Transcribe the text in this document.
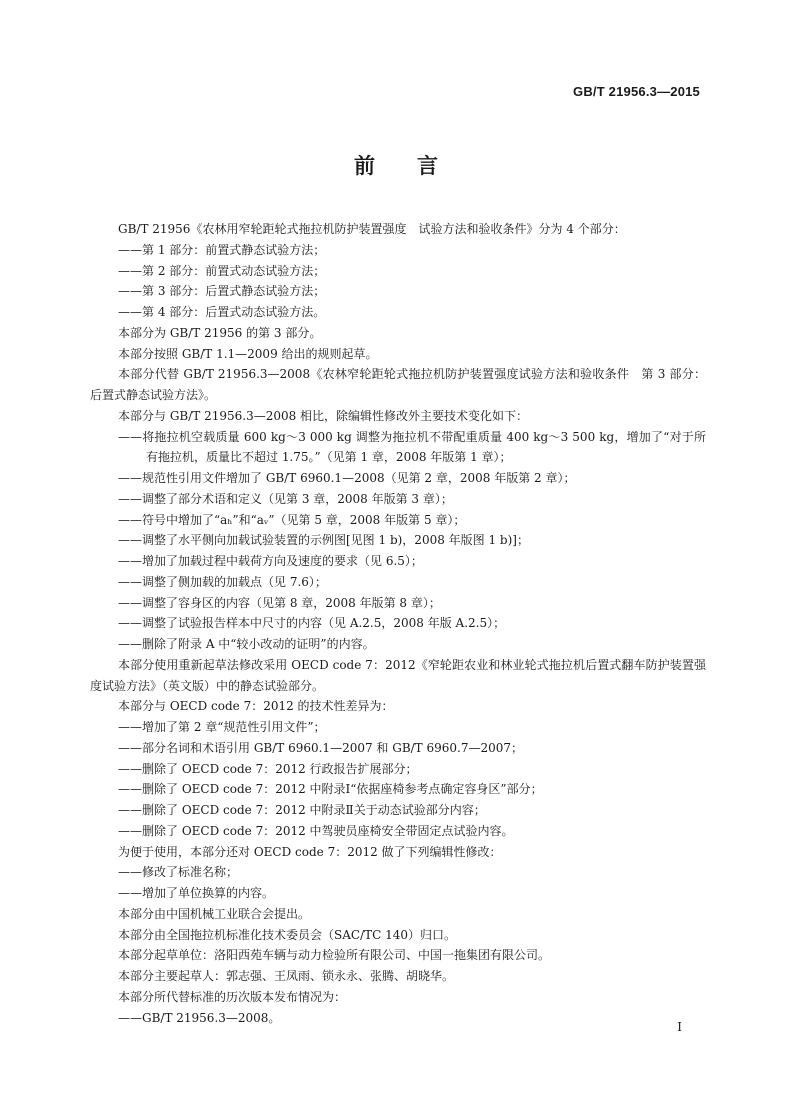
GB/T 21956.3—2015
前言

GB/T 21956《农林用窄轮距轮式拖拉机防护装置强度　试验方法和验收条件》分为 4 个部分：

——第 1 部分：前置式静态试验方法；

——第 2 部分：前置式动态试验方法；

——第 3 部分：后置式静态试验方法；

——第 4 部分：后置式动态试验方法。

本部分为 GB/T 21956 的第 3 部分。

本部分按照 GB/T 1.1—2009 给出的规则起草。

本部分代替 GB/T 21956.3—2008《农林窄轮距轮式拖拉机防护装置强度试验方法和验收条件　第 3 部分：后置式静态试验方法》。

本部分与 GB/T 21956.3—2008 相比，除编辑性修改外主要技术变化如下：

——将拖拉机空载质量 600 kg～3 000 kg 调整为拖拉机不带配重质量 400 kg～3 500 kg，增加了“对于所有拖拉机，质量比不超过 1.75。”（见第 1 章，2008 年版第 1 章）；

——规范性引用文件增加了 GB/T 6960.1—2008（见第 2 章，2008 年版第 2 章）；

——调整了部分术语和定义（见第 3 章，2008 年版第 3 章）；

——符号中增加了“aₕ”和“aᵥ”（见第 5 章，2008 年版第 5 章）；

——调整了水平侧向加载试验装置的示例图[见图 1 b)，2008 年版图 1 b)]；

——增加了加载过程中载荷方向及速度的要求（见 6.5）；

——调整了侧加载的加载点（见 7.6）；

——调整了容身区的内容（见第 8 章，2008 年版第 8 章）；

——调整了试验报告样本中尺寸的内容（见 A.2.5，2008 年版 A.2.5）；

——删除了附录 A 中“较小改动的证明”的内容。

本部分使用重新起草法修改采用 OECD code 7：2012《窄轮距农业和林业轮式拖拉机后置式翻车防护装置强度试验方法》（英文版）中的静态试验部分。

本部分与 OECD code 7：2012 的技术性差异为：

——增加了第 2 章“规范性引用文件”；

——部分名词和术语引用 GB/T 6960.1—2007 和 GB/T 6960.7—2007；

——删除了 OECD code 7：2012 行政报告扩展部分；

——删除了 OECD code 7：2012 中附录Ⅰ“依据座椅参考点确定容身区”部分；

——删除了 OECD code 7：2012 中附录Ⅱ关于动态试验部分内容；

——删除了 OECD code 7：2012 中驾驶员座椅安全带固定点试验内容。

为便于使用，本部分还对 OECD code 7：2012 做了下列编辑性修改：

——修改了标准名称；

——增加了单位换算的内容。

本部分由中国机械工业联合会提出。

本部分由全国拖拉机标准化技术委员会（SAC/TC 140）归口。

本部分起草单位：洛阳西苑车辆与动力检验所有限公司、中国一拖集团有限公司。

本部分主要起草人：郭志强、王凤雨、锁永永、张腾、胡晓华。

本部分所代替标准的历次版本发布情况为：

——GB/T 21956.3—2008。

Ⅰ
